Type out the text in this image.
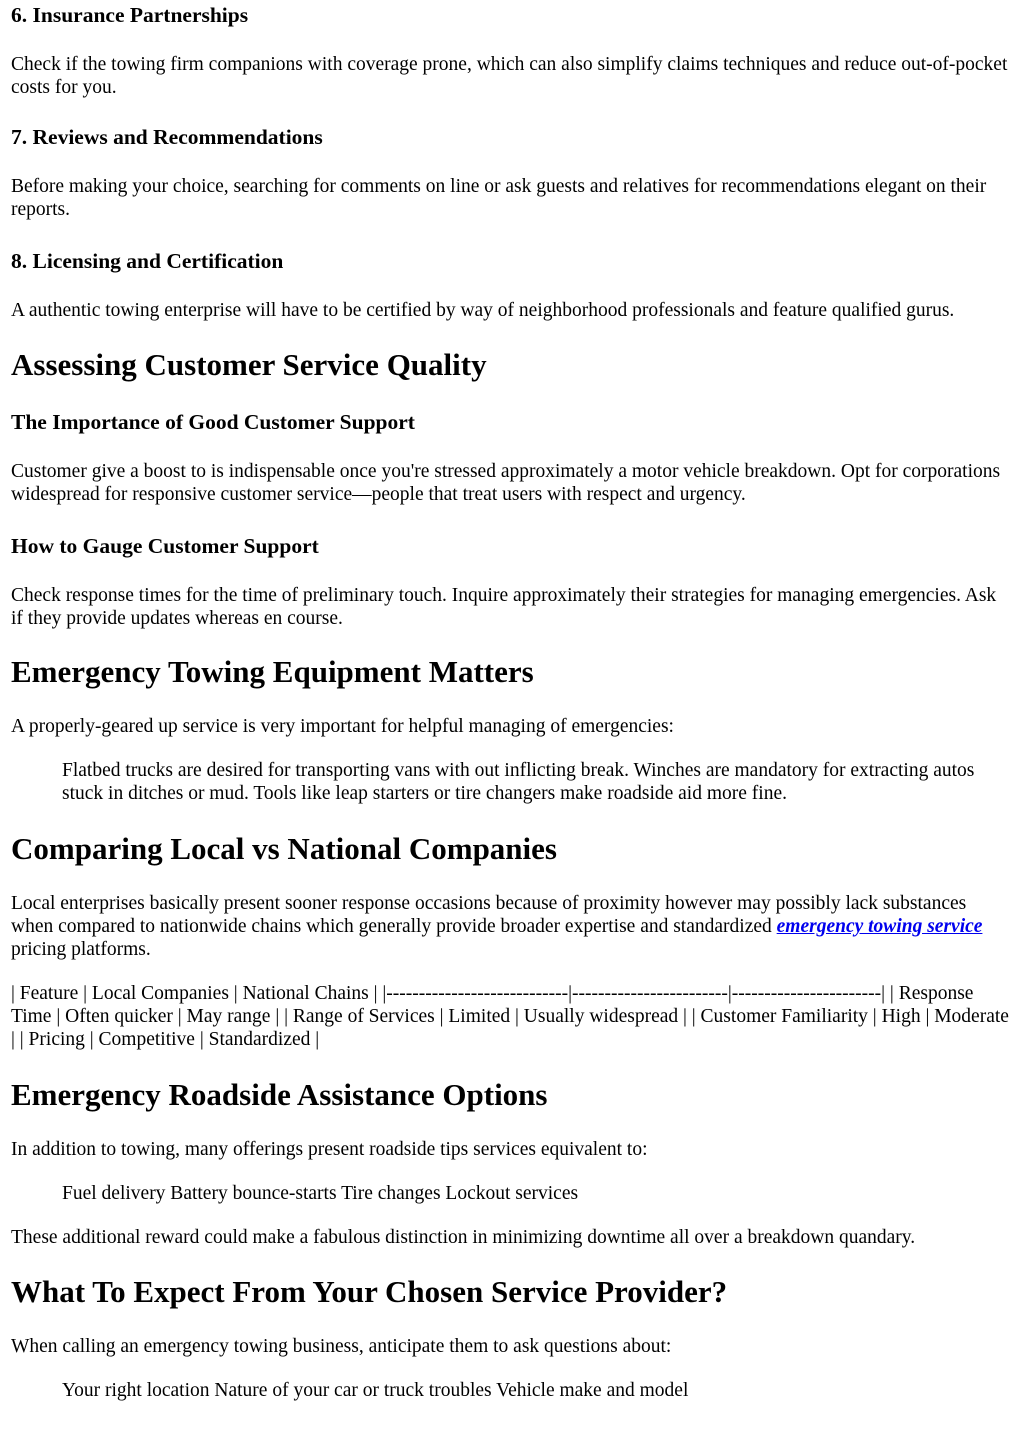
6. Insurance Partnerships

Check if the towing firm companions with coverage prone, which can also simplify claims techniques and reduce out-of-pocket costs for you.

7. Reviews and Recommendations

Before making your choice, searching for comments on line or ask guests and relatives for recommendations elegant on their reports.

8. Licensing and Certification

A authentic towing enterprise will have to be certified by way of neighborhood professionals and feature qualified gurus.

Assessing Customer Service Quality

The Importance of Good Customer Support

Customer give a boost to is indispensable once you're stressed approximately a motor vehicle breakdown. Opt for corporations widespread for responsive customer service—people that treat users with respect and urgency.

How to Gauge Customer Support

Check response times for the time of preliminary touch. Inquire approximately their strategies for managing emergencies. Ask if they provide updates whereas en course.

Emergency Towing Equipment Matters

A properly-geared up service is very important for helpful managing of emergencies:

Flatbed trucks are desired for transporting vans with out inflicting break. Winches are mandatory for extracting autos stuck in ditches or mud. Tools like leap starters or tire changers make roadside aid more fine.

Comparing Local vs National Companies

Local enterprises basically present sooner response occasions because of proximity however may possibly lack substances when compared to nationwide chains which generally provide broader expertise and standardized emergency towing service pricing platforms.

| Feature | Local Companies | National Chains | |----------------------------|------------------------|-----------------------| | Response Time | Often quicker | May range | | Range of Services | Limited | Usually widespread | | Customer Familiarity | High | Moderate | | Pricing | Competitive | Standardized |

Emergency Roadside Assistance Options

In addition to towing, many offerings present roadside tips services equivalent to:

Fuel delivery Battery bounce-starts Tire changes Lockout services

These additional reward could make a fabulous distinction in minimizing downtime all over a breakdown quandary.

What To Expect From Your Chosen Service Provider?

When calling an emergency towing business, anticipate them to ask questions about:

Your right location Nature of your car or truck troubles Vehicle make and model
